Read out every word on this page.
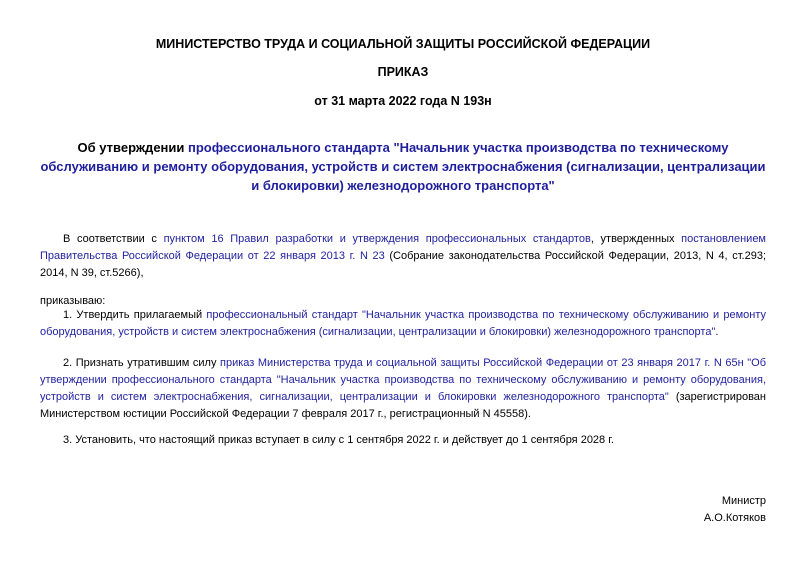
МИНИСТЕРСТВО ТРУДА И СОЦИАЛЬНОЙ ЗАЩИТЫ РОССИЙСКОЙ ФЕДЕРАЦИИ
ПРИКАЗ
от 31 марта 2022 года N 193н
Об утверждении профессионального стандарта "Начальник участка производства по техническому обслуживанию и ремонту оборудования, устройств и систем электроснабжения (сигнализации, централизации и блокировки) железнодорожного транспорта"
В соответствии с пунктом 16 Правил разработки и утверждения профессиональных стандартов, утвержденных постановлением Правительства Российской Федерации от 22 января 2013 г. N 23 (Собрание законодательства Российской Федерации, 2013, N 4, ст.293; 2014, N 39, ст.5266),
приказываю:
1. Утвердить прилагаемый профессиональный стандарт "Начальник участка производства по техническому обслуживанию и ремонту оборудования, устройств и систем электроснабжения (сигнализации, централизации и блокировки) железнодорожного транспорта".
2. Признать утратившим силу приказ Министерства труда и социальной защиты Российской Федерации от 23 января 2017 г. N 65н "Об утверждении профессионального стандарта "Начальник участка производства по техническому обслуживанию и ремонту оборудования, устройств и систем электроснабжения, сигнализации, централизации и блокировки железнодорожного транспорта" (зарегистрирован Министерством юстиции Российской Федерации 7 февраля 2017 г., регистрационный N 45558).
3. Установить, что настоящий приказ вступает в силу с 1 сентября 2022 г. и действует до 1 сентября 2028 г.
Министр
А.О.Котяков
